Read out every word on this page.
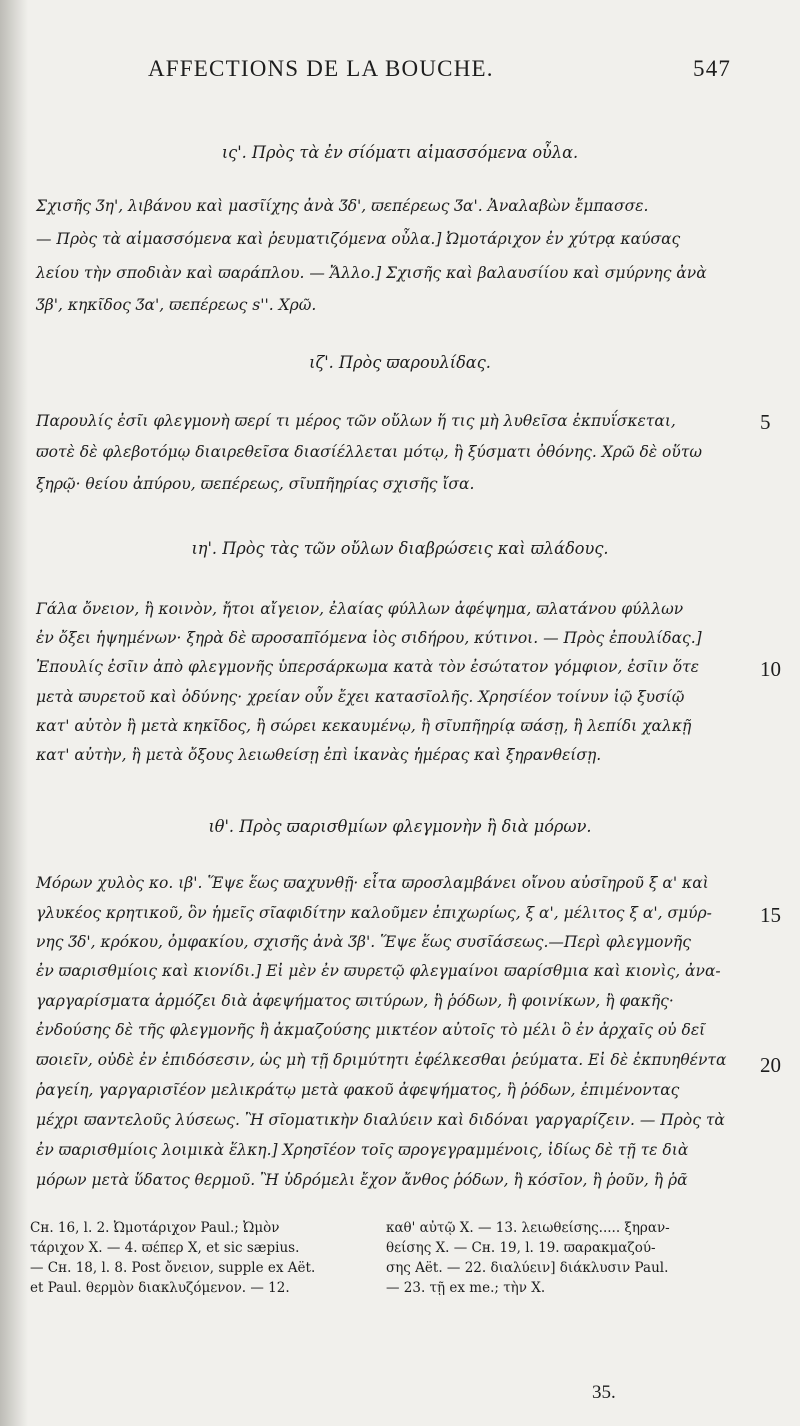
AFFECTIONS DE LA BOUCHE.	547
ις'. Πρὸς τὰ ἐν σίόματι αἱμασσόμενα οὖλα.
Σχισῆς Ʒη', λιβάνου καὶ μασῖίχης ἀνὰ Ʒδ', ϖεπέρεως Ʒα'. Ἀναλαβὼν ἔμπασσε.
— Πρὸς τὰ αἱμασσόμενα καὶ ῥευματιζόμενα οὖλα.] Ὠμοτάριχον ἐν χύτρᾳ καύσας
λείου τὴν σποδιὰν καὶ ϖαράπλου. — Ἄλλο.] Σχισῆς καὶ βαλαυσίίου καὶ σμύρνης ἀνὰ
Ʒβ', κηκῖδος Ʒα', ϖεπέρεως s''. Χρῶ.
ιζ'. Πρὸς ϖαρουλίδας.
Παρουλίς ἐσῖι φλεγμονὴ ϖερί τι μέρος τῶν οὔλων ἥ τις μὴ λυθεῖσα ἐκπυΐσκεται,
ϖοτὲ δὲ φλεβοτόμῳ διαιρεθεῖσα διασίέλλεται μότῳ, ἢ ξύσματι ὀθόνης. Χρῶ δὲ οὕτω
ξηρῷ· θείου ἀπύρου, ϖεπέρεως, σῖυπῆηρίας σχισῆς ἴσα.
5
ιη'. Πρὸς τὰς τῶν οὔλων διαβρώσεις καὶ ϖλάδους.
Γάλα ὄνειον, ἢ κοινὸν, ἤτοι αἴγειον, ἐλαίας φύλλων ἀφέψημα, ϖλατάνου φύλλων
ἐν ὄξει ἡψημένων· ξηρὰ δὲ ϖροσαπῖόμενα ἰὸς σιδήρου, κύτινοι. — Πρὸς ἐπουλίδας.]
Ἐπουλίς ἐσῖιν ἀπὸ φλεγμονῆς ὑπερσάρκωμα κατὰ τὸν ἐσώτατον γόμφιον, ἐσῖιν ὅτε
μετὰ ϖυρετοῦ καὶ ὀδύνης· χρείαν οὖν ἔχει κατασῖολῆς. Χρησίέον τοίνυν ἰῷ ξυσίῷ
κατ' αὐτὸν ἢ μετὰ κηκῖδος, ἢ σώρει κεκαυμένῳ, ἢ σῖυπῆηρίᾳ ϖάσῃ, ἢ λεπίδι χαλκῇ
κατ' αὐτὴν, ἢ μετὰ ὄξους λειωθείσῃ ἐπὶ ἱκανὰς ἡμέρας καὶ ξηρανθείσῃ.
10
ιθ'. Πρὸς ϖαρισθμίων φλεγμονὴν ἢ διὰ μόρων.
Μόρων χυλὸς κο. ιβ'. Ἕψε ἕως ϖαχυνθῇ· εἶτα ϖροσλαμβάνει οἴνου αὐσῖηροῦ ξ α' καὶ
γλυκέος κρητικοῦ, ὃν ἡμεῖς σῖαφιδίτην καλοῦμεν ἐπιχωρίως, ξ α', μέλιτος ξ α', σμύρ-
νης Ʒδ', κρόκου, ὀμφακίου, σχισῆς ἀνὰ Ʒβ'. Ἕψε ἕως συσῖάσεως.—Περὶ φλεγμονῆς
ἐν ϖαρισθμίοις καὶ κιονίδι.] Εἰ μὲν ἐν ϖυρετῷ φλεγμαίνοι ϖαρίσθμια καὶ κιονὶς, ἀνα-
γαργαρίσματα ἁρμόζει διὰ ἀφεψήματος ϖιτύρων, ἢ ῥόδων, ἢ φοινίκων, ἢ φακῆς·
ἐνδούσης δὲ τῆς φλεγμονῆς ἢ ἀκμαζούσης μικτέον αὐτοῖς τὸ μέλι ὃ ἐν ἀρχαῖς οὐ δεῖ
ϖοιεῖν, οὐδὲ ἐν ἐπιδόσεσιν, ὡς μὴ τῇ δριμύτητι ἐφέλκεσθαι ῥεύματα. Εἰ δὲ ἐκπυηθέντα
ῥαγείη, γαργαρισῖέον μελικράτῳ μετὰ φακοῦ ἀφεψήματος, ἢ ῥόδων, ἐπιμένοντας
μέχρι ϖαντελοῦς λύσεως. Ἢ σῖοματικὴν διαλύειν καὶ διδόναι γαργαρίζειν. — Πρὸς τὰ
ἐν ϖαρισθμίοις λοιμικὰ ἕλκη.] Χρησῖέον τοῖς ϖρογεγραμμένοις, ἰδίως δὲ τῇ τε διὰ
μόρων μετὰ ὕδατος θερμοῦ. Ἢ ὑδρόμελι ἔχον ἄνθος ῥόδων, ἢ κόσῖον, ἢ ῥοῦν, ἢ ῥᾶ
15
20
Cʜ. 16, l. 2. Ὠμοτάριχον Paul.; Ὠμὸν
τάριχον X. — 4. ϖέπερ X, et sic sæpius.
— Cʜ. 18, l. 8. Post ὄνειον, supple ex Aët.
et Paul. θερμὸν διακλυζόμενον. — 12.
καθ' αὐτῷ X. — 13. λειωθείσης..... ξηραν-
θείσης X. — Cʜ. 19, l. 19. ϖαρακμαζού-
σης Aët. — 22. διαλύειν] διάκλυσιν Paul.
— 23. τῇ ex me.; τὴν X.
35.
